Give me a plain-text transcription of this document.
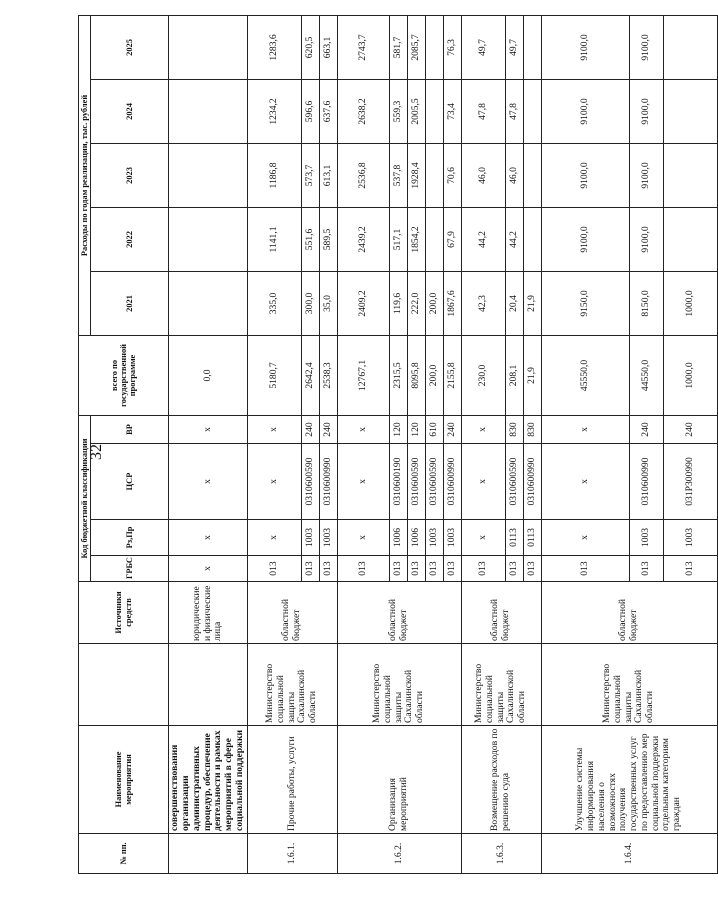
32
№ пп.	Наименование мероприятия		Источники средств	Код бюджетной классификации				всего по государственной программе	Расходы по годам реализации, тыс. рублей				
				ГРБС	Рз,Пр	ЦСР	ВР		2021	2022	2023	2024	2025
	совершенствования организации административных процедур, обеспечение деятельности и рамках мероприятий в сфере социальной поддержки		юридические и физические лица	х	х	х	х	0,0					
1.6.1.	Прочие работы, услуги	Министерство социальной защиты Сахалинской области	областной бюджет	013	х	х	х	5180,7	335,0	1141,1	1186,8	1234,2	1283,6
				013	1003	0310600590	240	2642,4	300,0	551,6	573,7	596,6	620,5
				013	1003	0310600990	240	2538,3	35,0	589,5	613,1	637,6	663,1
1.6.2.	Организация мероприятий	Министерство социальной защиты Сахалинской области	областной бюджет	013	х	х	х	12767,1	2409,2	2439,2	2536,8	2638,2	2743,7
				013	1006	0310600190	120	2315,5	119,6	517,1	537,8	559,3	581,7
				013	1006	0310600590	120	8095,8	222,0	1854,2	1928,4	2005,5	2085,7
				013	1003	0310600590	610	200,0	200,0				
				013	1003	0310600990	240	2155,8	1867,6	67,9	70,6	73,4	76,3
1.6.3.	Возмещение расходов по решению суда	Министерство социальной защиты Сахалинской области	областной бюджет	013	х	х	х	230,0	42,3	44,2	46,0	47,8	49,7
				013	0113	0310600590	830	208,1	20,4	44,2	46,0	47,8	49,7
				013	0113	0310600990	830	21,9	21,9				
1.6.4.	Улучшение системы информирования населения о возможностях получения государственных услуг по предоставлению мер социальной поддержки отдельным категориям граждан	Министерство социальной защиты Сахалинской области	областной бюджет	013	х	х	х	45550,0	9150,0	9100,0	9100,0	9100,0	9100,0
				013	1003	0310600990	240	44550,0	8150,0	9100,0	9100,0	9100,0	9100,0
				013	1003	031Р300990	240	1000,0	1000,0				
